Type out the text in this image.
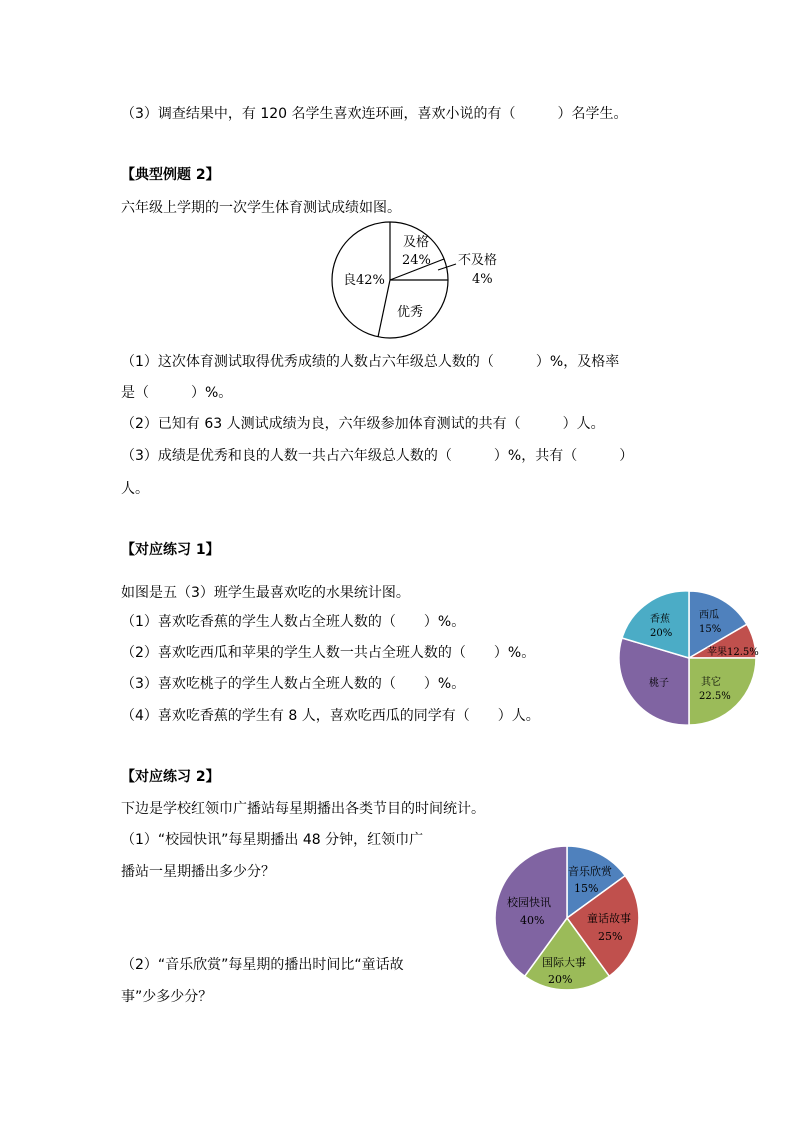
（3）调查结果中，有 120 名学生喜欢连环画，喜欢小说的有（　　　）名学生。
【典型例题 2】
六年级上学期的一次学生体育测试成绩如图。
及格
24% 不及格
4%
良42%
优秀
（1）这次体育测试取得优秀成绩的人数占六年级总人数的（　　　）%，及格率
是（　　　）%。
（2）已知有 63 人测试成绩为良，六年级参加体育测试的共有（　　　）人。
（3）成绩是优秀和良的人数一共占六年级总人数的（　　　）%，共有（　　　）
人。
【对应练习 1】
如图是五（3）班学生最喜欢吃的水果统计图。
（1）喜欢吃香蕉的学生人数占全班人数的（　　）%。
（2）喜欢吃西瓜和苹果的学生人数一共占全班人数的（　　）%。
（3）喜欢吃桃子的学生人数占全班人数的（　　）%。
（4）喜欢吃香蕉的学生有 8 人，喜欢吃西瓜的同学有（　　）人。
西瓜
15%
苹果12.5%
其它
22.5%
桃子
香蕉
20%
【对应练习 2】
下边是学校红领巾广播站每星期播出各类节目的时间统计。
（1）“校园快讯”每星期播出 48 分钟，红领巾广
播站一星期播出多少分？
（2）“音乐欣赏”每星期的播出时间比“童话故
事”少多少分？
音乐欣赏
15%
童话故事
25%
国际大事
20%
校园快讯
40%
